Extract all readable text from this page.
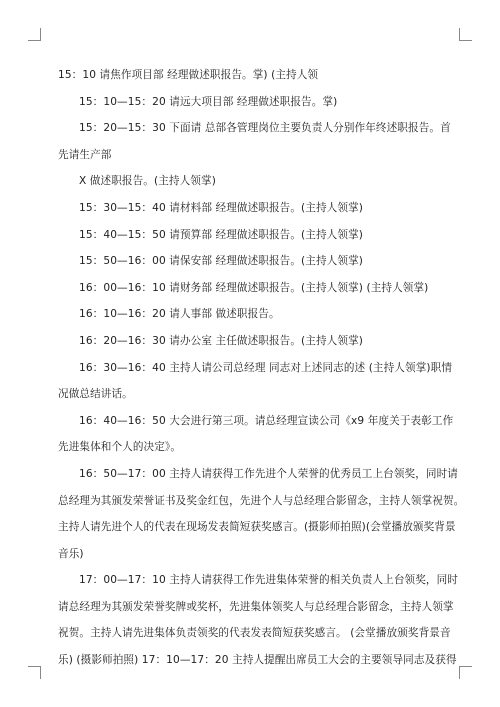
15：10 请焦作项目部 经理做述职报告。掌) (主持人领
15：10—15：20 请远大项目部 经理做述职报告。掌)
15：20—15：30 下面请 总部各管理岗位主要负责人分别作年终述职报告。首
先请生产部
X 做述职报告。(主持人领掌)
15：30—15：40 请材料部 经理做述职报告。(主持人领掌)
15：40—15：50 请预算部 经理做述职报告。(主持人领掌)
15：50—16：00 请保安部 经理做述职报告。(主持人领掌)
16：00—16：10 请财务部 经理做述职报告。(主持人领掌) (主持人领掌)
16：10—16：20 请人事部 做述职报告。
16：20—16：30 请办公室 主任做述职报告。(主持人领掌)
16：30—16：40 主持人请公司总经理 同志对上述同志的述 (主持人领掌)职情
况做总结讲话。
16：40—16：50 大会进行第三项。请总经理宣读公司《x9 年度关于表彰工作
先进集体和个人的决定》。
16：50—17：00 主持人请获得工作先进个人荣誉的优秀员工上台领奖，同时请
总经理为其颁发荣誉证书及奖金红包，先进个人与总经理合影留念，主持人领掌祝贺。
主持人请先进个人的代表在现场发表简短获奖感言。(摄影师拍照)(会堂播放颁奖背景
音乐)
17：00—17：10 主持人请获得工作先进集体荣誉的相关负责人上台领奖，同时
请总经理为其颁发荣誉奖牌或奖杯，先进集体领奖人与总经理合影留念，主持人领掌
祝贺。主持人请先进集体负责领奖的代表发表简短获奖感言。 (会堂播放颁奖背景音
乐) (摄影师拍照) 17：10—17：20 主持人提醒出席员工大会的主要领导同志及获得
